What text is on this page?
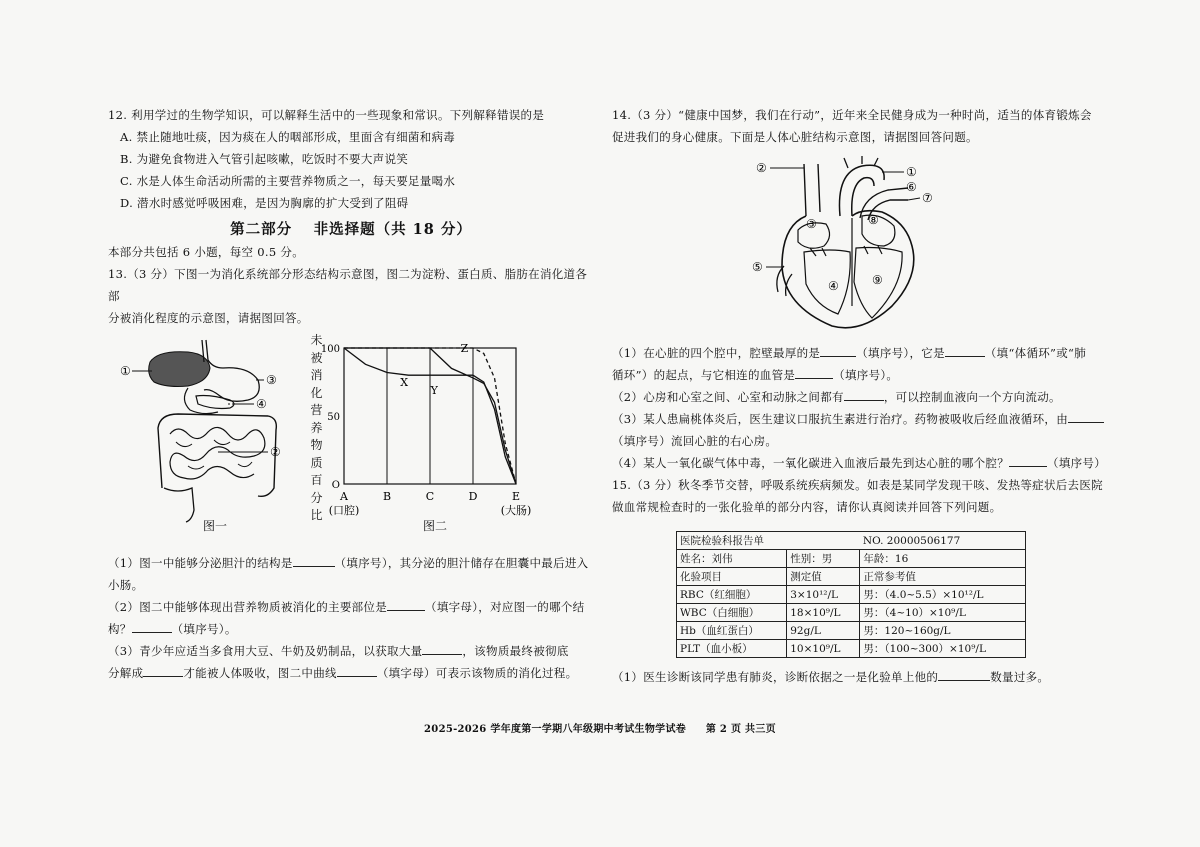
12. 利用学过的生物学知识，可以解释生活中的一些现象和常识。下列解释错误的是

A. 禁止随地吐痰，因为痰在人的咽部形成，里面含有细菌和病毒

B. 为避免食物进入气管引起咳嗽，吃饭时不要大声说笑

C. 水是人体生命活动所需的主要营养物质之一，每天要足量喝水

D. 潜水时感觉呼吸困难，是因为胸廓的扩大受到了阻碍

第二部分　 非选择题（共 18 分）

本部分共包括 6 小题，每空 0.5 分。

13.（3 分）下图一为消化系统部分形态结构示意图，图二为淀粉、蛋白质、脂肪在消化道各部

分被消化程度的示意图，请据图回答。

①
③
④
②
图一
未被消化营养物质百分比
100
50
O
A
(口腔)
B	C	D	E
(大肠)
X
Y
Z
图二

（1）图一中能够分泌胆汁的结构是	（填序号），其分泌的胆汁储存在胆囊中最后进入

小肠。

（2）图二中能够体现出营养物质被消化的主要部位是	（填字母），对应图一的哪个结

构？	（填序号）。

（3）青少年应适当多食用大豆、牛奶及奶制品，以获取大量	，该物质最终被彻底

分解成	才能被人体吸收，图二中曲线	（填字母）可表示该物质的消化过程。

14.（3 分）“健康中国梦，我们在行动”，近年来全民健身成为一种时尚，适当的体育锻炼会

促进我们的身心健康。下面是人体心脏结构示意图，请据图回答问题。

②	①
⑥
⑦
③	⑧
⑤
④	⑨

（1）在心脏的四个腔中，腔壁最厚的是	（填序号），它是	（填“体循环”或“肺

循环”）的起点，与它相连的血管是	（填序号）。

（2）心房和心室之间、心室和动脉之间都有	，可以控制血液向一个方向流动。

（3）某人患扁桃体炎后，医生建议口服抗生素进行治疗。药物被吸收后经血液循环，由

（填序号）流回心脏的右心房。

（4）某人一氧化碳气体中毒，一氧化碳进入血液后最先到达心脏的哪个腔？	（填序号）

15.（3 分）秋冬季节交替，呼吸系统疾病频发。如表是某同学发现干咳、发热等症状后去医院

做血常规检查时的一张化验单的部分内容，请你认真阅读并回答下列问题。

医院检验科报告单		NO. 20000506177
姓名：刘伟	性别：男	年龄：16
化验项目	测定值	正常参考值
RBC（红细胞）	3×10¹²/L	男：（4.0~5.5）×10¹²/L
WBC（白细胞）	18×10⁹/L	男：（4~10）×10⁹/L
Hb（血红蛋白）	92g/L	男：120~160g/L
PLT（血小板）	10×10⁹/L	男：（100~300）×10⁹/L

（1）医生诊断该同学患有肺炎，诊断依据之一是化验单上他的	数量过多。

2025-2026 学年度第一学期八年级期中考试生物学试卷 第 2 页 共三页
